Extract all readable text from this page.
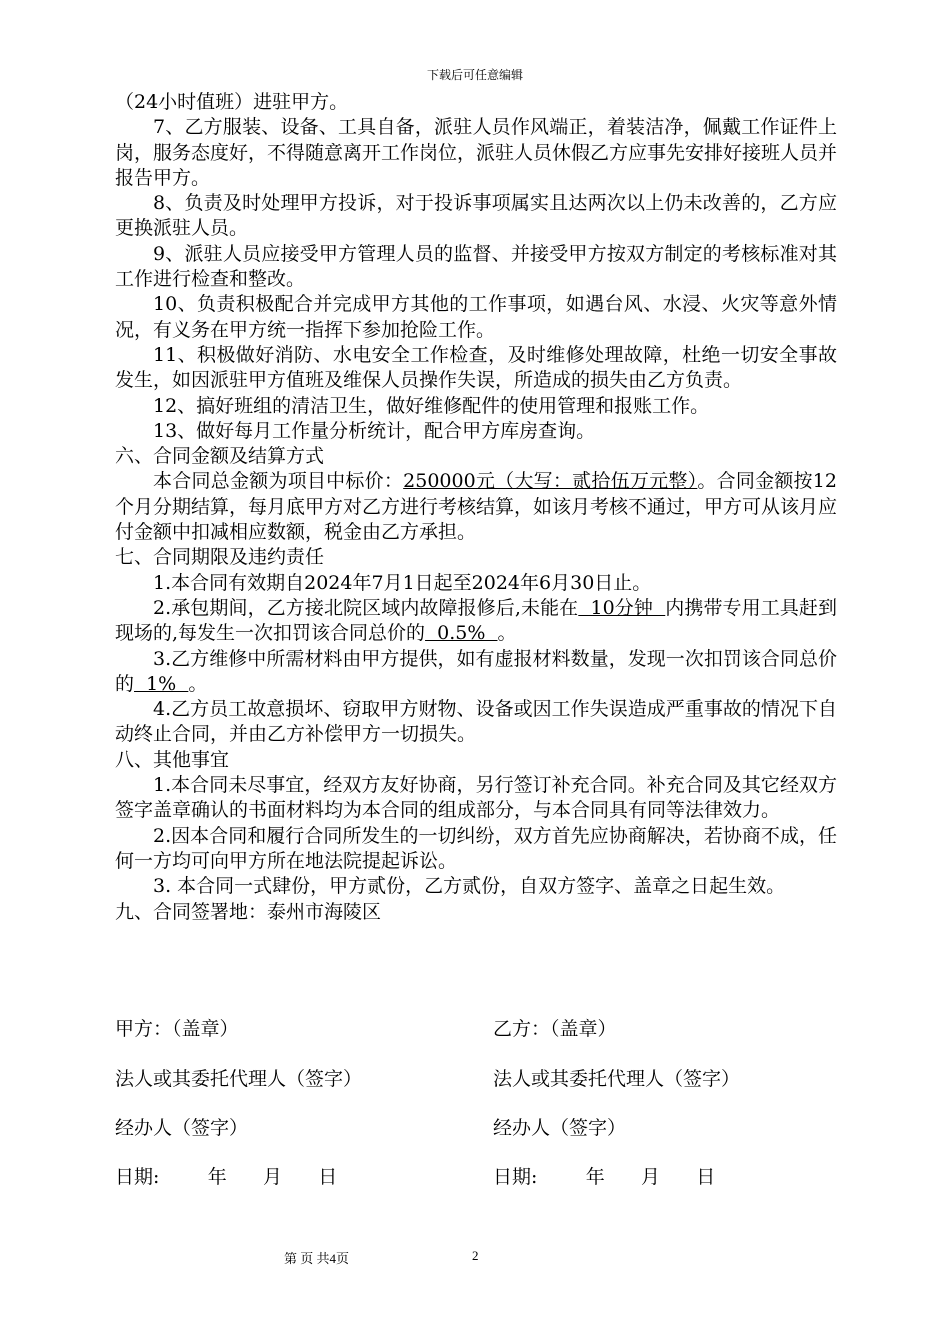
下载后可任意编辑

（24小时值班）进驻甲方。

7、乙方服装、设备、工具自备，派驻人员作风端正，着装洁净，佩戴工作证件上岗，服务态度好，不得随意离开工作岗位，派驻人员休假乙方应事先安排好接班人员并报告甲方。

8、负责及时处理甲方投诉，对于投诉事项属实且达两次以上仍未改善的，乙方应更换派驻人员。

9、派驻人员应接受甲方管理人员的监督、并接受甲方按双方制定的考核标准对其工作进行检查和整改。

10、负责积极配合并完成甲方其他的工作事项，如遇台风、水浸、火灾等意外情况，有义务在甲方统一指挥下参加抢险工作。

11、积极做好消防、水电安全工作检查，及时维修处理故障，杜绝一切安全事故发生，如因派驻甲方值班及维保人员操作失误，所造成的损失由乙方负责。

12、搞好班组的清洁卫生，做好维修配件的使用管理和报账工作。

13、做好每月工作量分析统计，配合甲方库房查询。

六、合同金额及结算方式

本合同总金额为项目中标价：250000元（大写：贰拾伍万元整）。合同金额按12个月分期结算，每月底甲方对乙方进行考核结算，如该月考核不通过，甲方可从该月应付金额中扣减相应数额，税金由乙方承担。

七、合同期限及违约责任

1.本合同有效期自2024年7月1日起至2024年6月30日止。

2.承包期间，乙方接北院区域内故障报修后,未能在  10分钟  内携带专用工具赶到现场的,每发生一次扣罚该合同总价的  0.5%  。

3.乙方维修中所需材料由甲方提供，如有虚报材料数量，发现一次扣罚该合同总价的  1%  。

4.乙方员工故意损坏、窃取甲方财物、设备或因工作失误造成严重事故的情况下自动终止合同，并由乙方补偿甲方一切损失。

八、其他事宜

1.本合同未尽事宜，经双方友好协商，另行签订补充合同。补充合同及其它经双方签字盖章确认的书面材料均为本合同的组成部分，与本合同具有同等法律效力。

2.因本合同和履行合同所发生的一切纠纷，双方首先应协商解决，若协商不成，任何一方均可向甲方所在地法院提起诉讼。

3. 本合同一式肆份，甲方贰份，乙方贰份，自双方签字、盖章之日起生效。

九、合同签署地：泰州市海陵区

甲方：（盖章）	乙方：（盖章）
法人或其委托代理人（签字）	法人或其委托代理人（签字）
经办人（签字）	经办人（签字）
日期:        年      月      日	日期:        年      月      日
第 页 共4页	2
